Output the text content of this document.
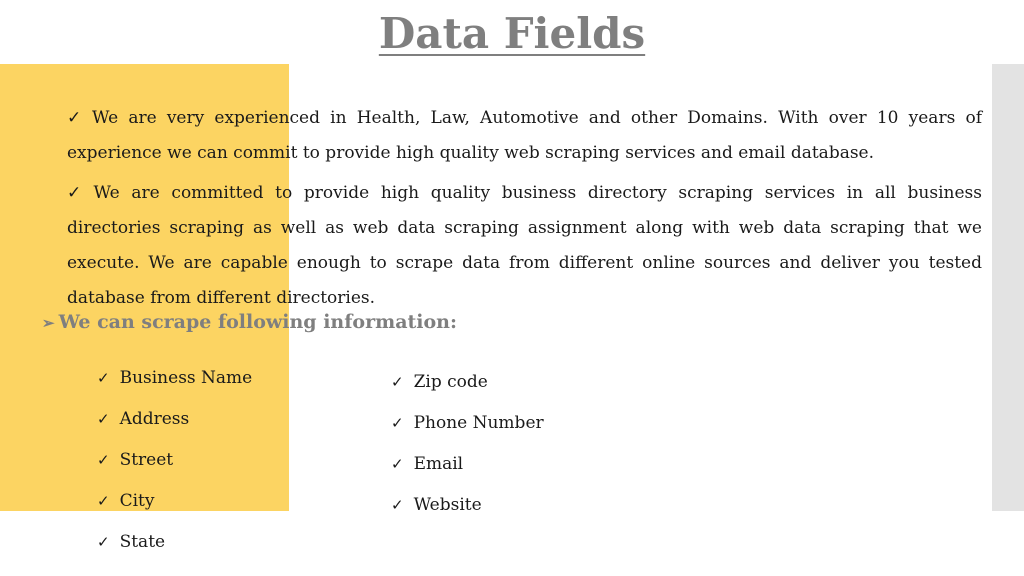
Data Fields
✓ We are very experienced in Health, Law, Automotive and other Domains. With over 10 years of experience we can commit to provide high quality web scraping services and email database.
✓ We are committed to provide high quality business directory scraping services in all business directories scraping as well as web data scraping assignment along with web data scraping that we execute. We are capable enough to scrape data from different online sources and deliver you tested database from different directories.
➢ We can scrape following information:
✓ Business Name
✓ Address
✓ Street
✓ City
✓ State
✓ Zip code
✓ Phone Number
✓ Email
✓ Website
